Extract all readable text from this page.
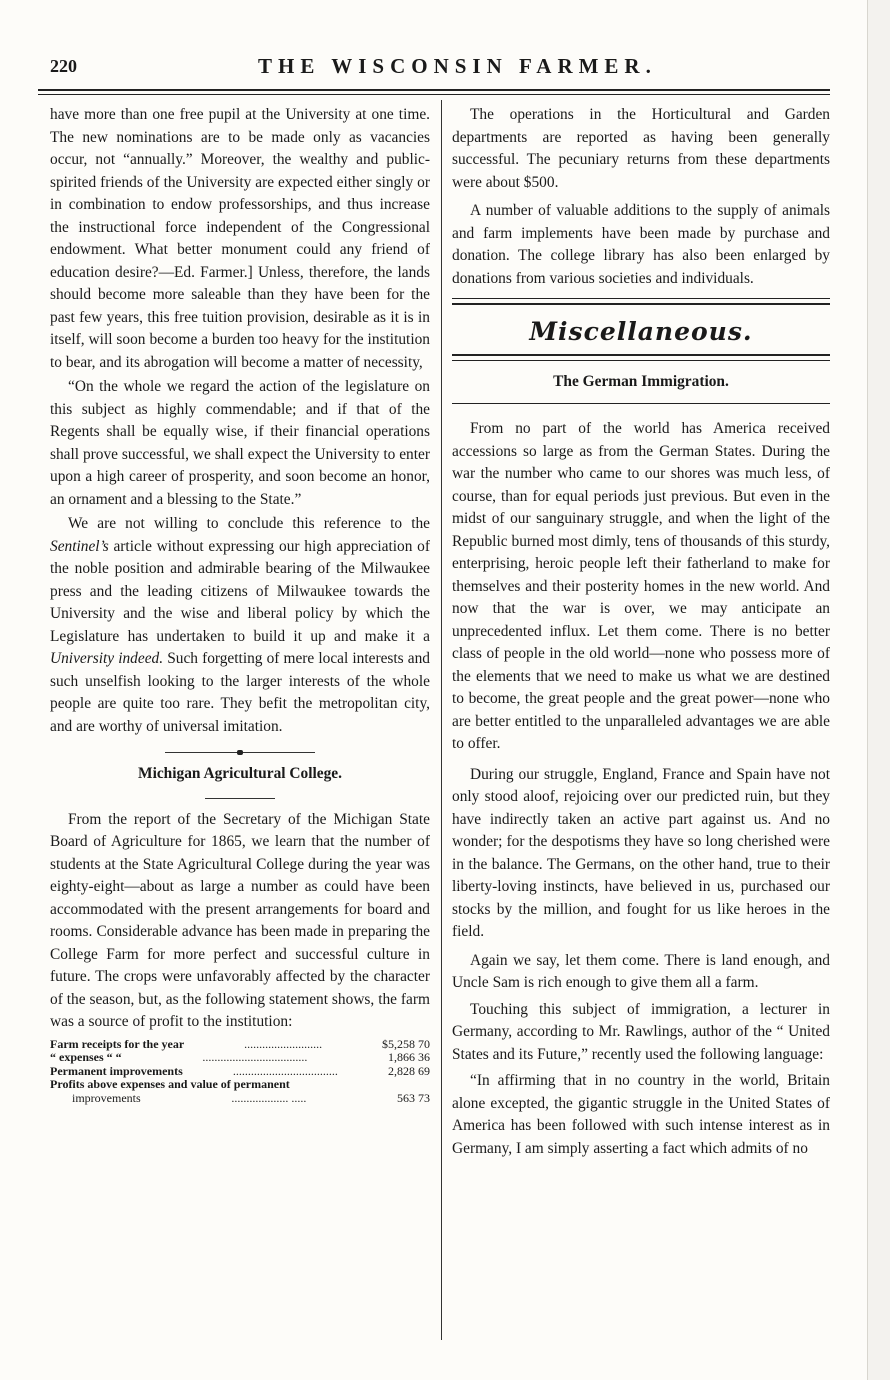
220	THE WISCONSIN FARMER.

have more than one free pupil at the University at one time. The new nominations are to be made only as vacancies occur, not “annually.” Moreover, the wealthy and public-spirited friends of the University are expected either singly or in combination to endow professorships, and thus increase the instructional force independent of the Congressional endowment. What better monument could any friend of education desire?—Ed. Farmer.] Unless, therefore, the lands should become more saleable than they have been for the past few years, this free tuition provision, desirable as it is in itself, will soon become a burden too heavy for the institution to bear, and its abrogation will become a matter of necessity,

“On the whole we regard the action of the legislature on this subject as highly commendable; and if that of the Regents shall be equally wise, if their financial operations shall prove successful, we shall expect the University to enter upon a high career of prosperity, and soon become an honor, an ornament and a blessing to the State.”

We are not willing to conclude this reference to the Sentinel’s article without expressing our high appreciation of the noble position and admirable bearing of the Milwaukee press and the leading citizens of Milwaukee towards the University and the wise and liberal policy by which the Legislature has undertaken to build it up and make it a University indeed. Such forgetting of mere local interests and such unselfish looking to the larger interests of the whole people are quite too rare. They befit the metropolitan city, and are worthy of universal imitation.

Michigan Agricultural College.

From the report of the Secretary of the Michigan State Board of Agriculture for 1865, we learn that the number of students at the State Agricultural College during the year was eighty-eight—about as large a number as could have been accommodated with the present arrangements for board and rooms. Considerable advance has been made in preparing the College Farm for more perfect and successful culture in future. The crops were unfavorably affected by the character of the season, but, as the following statement shows, the farm was a source of profit to the institution:

Farm receipts for the year	..........................	$5,258 70
“ expenses “ “	...................................	1,866 36
Permanent improvements	...................................	2,828 69
Profits above expenses and value of permanent
improvements	................... .....	563 73

The operations in the Horticultural and Garden departments are reported as having been generally successful. The pecuniary returns from these departments were about $500.

A number of valuable additions to the supply of animals and farm implements have been made by purchase and donation. The college library has also been enlarged by donations from various societies and individuals.

Miscellaneous.
The German Immigration.

From no part of the world has America received accessions so large as from the German States. During the war the number who came to our shores was much less, of course, than for equal periods just previous. But even in the midst of our sanguinary struggle, and when the light of the Republic burned most dimly, tens of thousands of this sturdy, enterprising, heroic people left their fatherland to make for themselves and their posterity homes in the new world. And now that the war is over, we may anticipate an unprecedented influx. Let them come. There is no better class of people in the old world—none who possess more of the elements that we need to make us what we are destined to become, the great people and the great power—none who are better entitled to the unparalleled advantages we are able to offer.

During our struggle, England, France and Spain have not only stood aloof, rejoicing over our predicted ruin, but they have indirectly taken an active part against us. And no wonder; for the despotisms they have so long cherished were in the balance. The Germans, on the other hand, true to their liberty-loving instincts, have believed in us, purchased our stocks by the million, and fought for us like heroes in the field.

Again we say, let them come. There is land enough, and Uncle Sam is rich enough to give them all a farm.

Touching this subject of immigration, a lecturer in Germany, according to Mr. Rawlings, author of the “ United States and its Future,” recently used the following language:

“In affirming that in no country in the world, Britain alone excepted, the gigantic struggle in the United States of America has been followed with such intense interest as in Germany, I am simply asserting a fact which admits of no
